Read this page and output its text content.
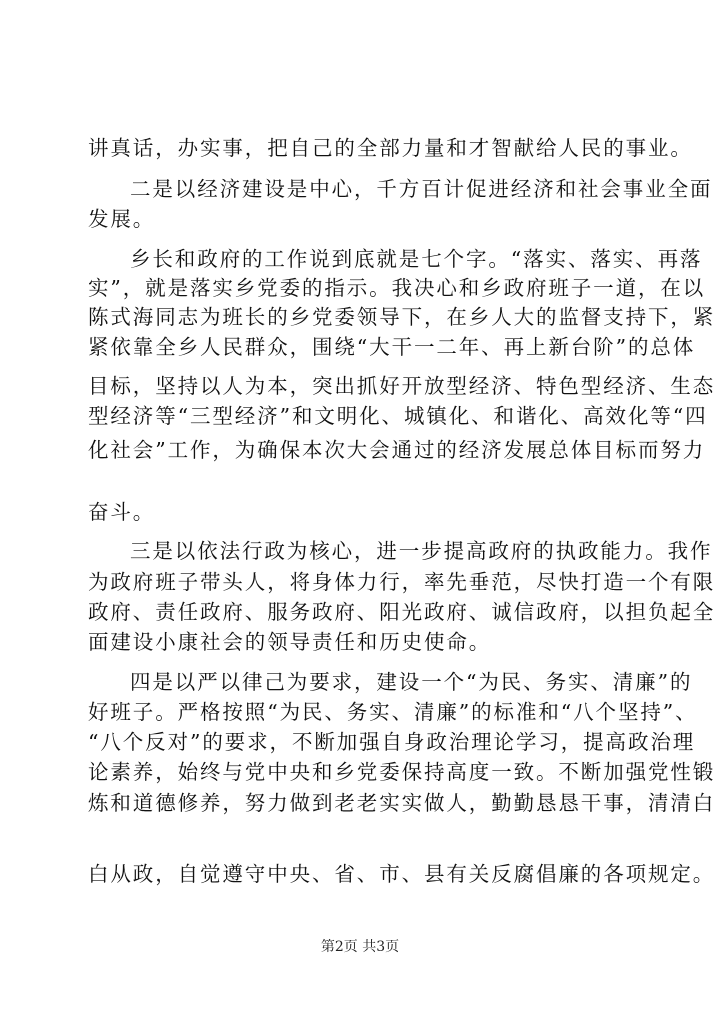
讲真话，办实事，把自己的全部力量和才智献给人民的事业。
二是以经济建设是中心，千方百计促进经济和社会事业全面
发展。
乡长和政府的工作说到底就是七个字。“落实、落实、再落
实”，就是落实乡党委的指示。我决心和乡政府班子一道，在以
陈式海同志为班长的乡党委领导下，在乡人大的监督支持下，紧
紧依靠全乡人民群众，围绕“大干一二年、再上新台阶”的总体
目标，坚持以人为本，突出抓好开放型经济、特色型经济、生态
型经济等“三型经济”和文明化、城镇化、和谐化、高效化等“四
化社会”工作，为确保本次大会通过的经济发展总体目标而努力
奋斗。
三是以依法行政为核心，进一步提高政府的执政能力。我作
为政府班子带头人，将身体力行，率先垂范，尽快打造一个有限
政府、责任政府、服务政府、阳光政府、诚信政府，以担负起全
面建设小康社会的领导责任和历史使命。
四是以严以律己为要求，建设一个“为民、务实、清廉”的
好班子。严格按照“为民、务实、清廉”的标准和“八个坚持”、
“八个反对”的要求，不断加强自身政治理论学习，提高政治理
论素养，始终与党中央和乡党委保持高度一致。不断加强党性锻
炼和道德修养，努力做到老老实实做人，勤勤恳恳干事，清清白
白从政，自觉遵守中央、省、市、县有关反腐倡廉的各项规定。
第2页 共3页
